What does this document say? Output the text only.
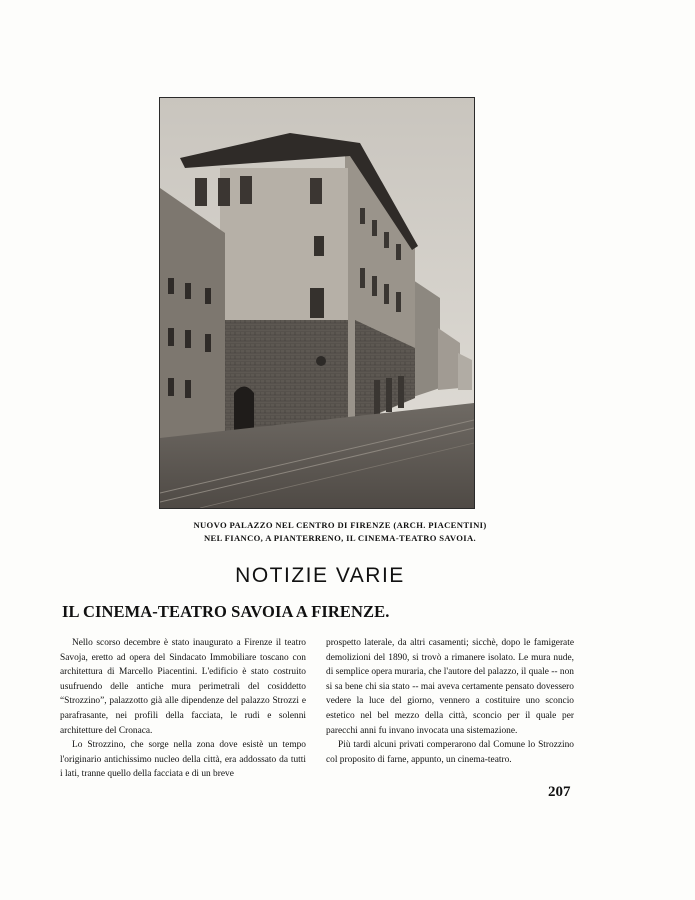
NUOVO PALAZZO NEL CENTRO DI FIRENZE (ARCH. PIACENTINI)
NEL FIANCO, A PIANTERRENO, IL CINEMA-TEATRO SAVOIA.
NOTIZIE VARIE
IL CINEMA-TEATRO SAVOIA A FIRENZE.

Nello scorso decembre è stato inaugurato a Firenze il teatro Savoja, eretto ad opera del Sindacato Immobiliare toscano con architettura di Marcello Piacentini. L'edificio è stato costruito usufruendo delle antiche mura perimetrali del cosiddetto “Strozzino”, palazzotto già alle dipendenze del palazzo Strozzi e parafrasante, nei profili della facciata, le rudi e solenni architetture del Cronaca.

Lo Strozzino, che sorge nella zona dove esistè un tempo l'originario antichissimo nucleo della città, era addossato da tutti i lati, tranne quello della facciata e di un breve

prospetto laterale, da altri casamenti; sicchè, dopo le famigerate demolizioni del 1890, si trovò a rimanere isolato. Le mura nude, di semplice opera muraria, che l'autore del palazzo, il quale -- non si sa bene chi sia stato -- mai aveva certamente pensato dovessero vedere la luce del giorno, vennero a costituire uno sconcio estetico nel bel mezzo della città, sconcio per il quale per parecchi anni fu invano invocata una sistemazione.

Più tardi alcuni privati comperarono dal Comune lo Strozzino col proposito di farne, appunto, un cinema-teatro.

207
